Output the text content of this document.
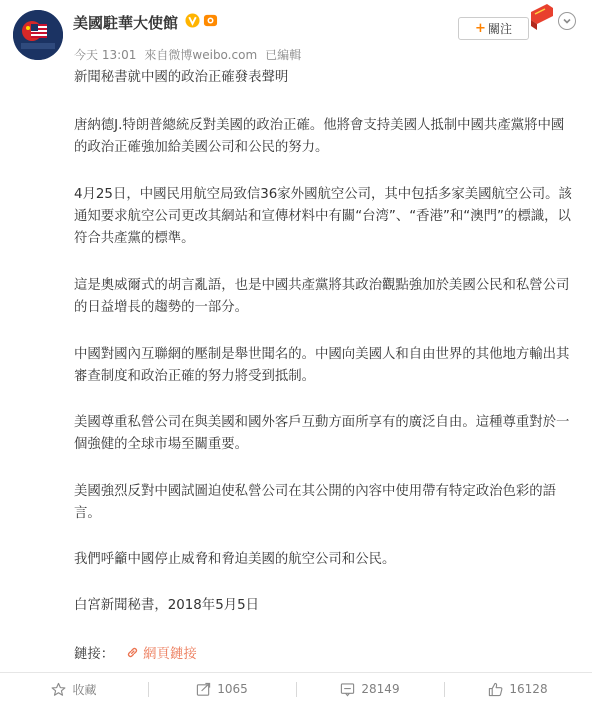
美國駐華大使館
今天 13:01 來自微博weibo.com 已編輯
+ 關注

新聞秘書就中國的政治正確發表聲明

唐納德J.特朗普總統反對美國的政治正確。他將會支持美國人抵制中國共產黨將中國的政治正確強加給美國公司和公民的努力。

4月25日，中國民用航空局致信36家外國航空公司，其中包括多家美國航空公司。該通知要求航空公司更改其網站和宣傳材料中有關“台湾”、“香港”和“澳門”的標識，以符合共產黨的標準。

這是奧威爾式的胡言亂語，也是中國共產黨將其政治觀點強加於美國公民和私營公司的日益增長的趨勢的一部分。

中國對國內互聯網的壓制是舉世聞名的。中國向美國人和自由世界的其他地方輸出其審查制度和政治正確的努力將受到抵制。

美國尊重私營公司在與美國和國外客戶互動方面所享有的廣泛自由。這種尊重對於一個強健的全球市場至關重要。

美國強烈反對中國試圖迫使私營公司在其公開的內容中使用帶有特定政治色彩的語言。

我們呼籲中國停止威脅和脅迫美國的航空公司和公民。

白宮新聞秘書，2018年5月5日

鏈接： 網頁鏈接
收藏	1065	28149	16128
